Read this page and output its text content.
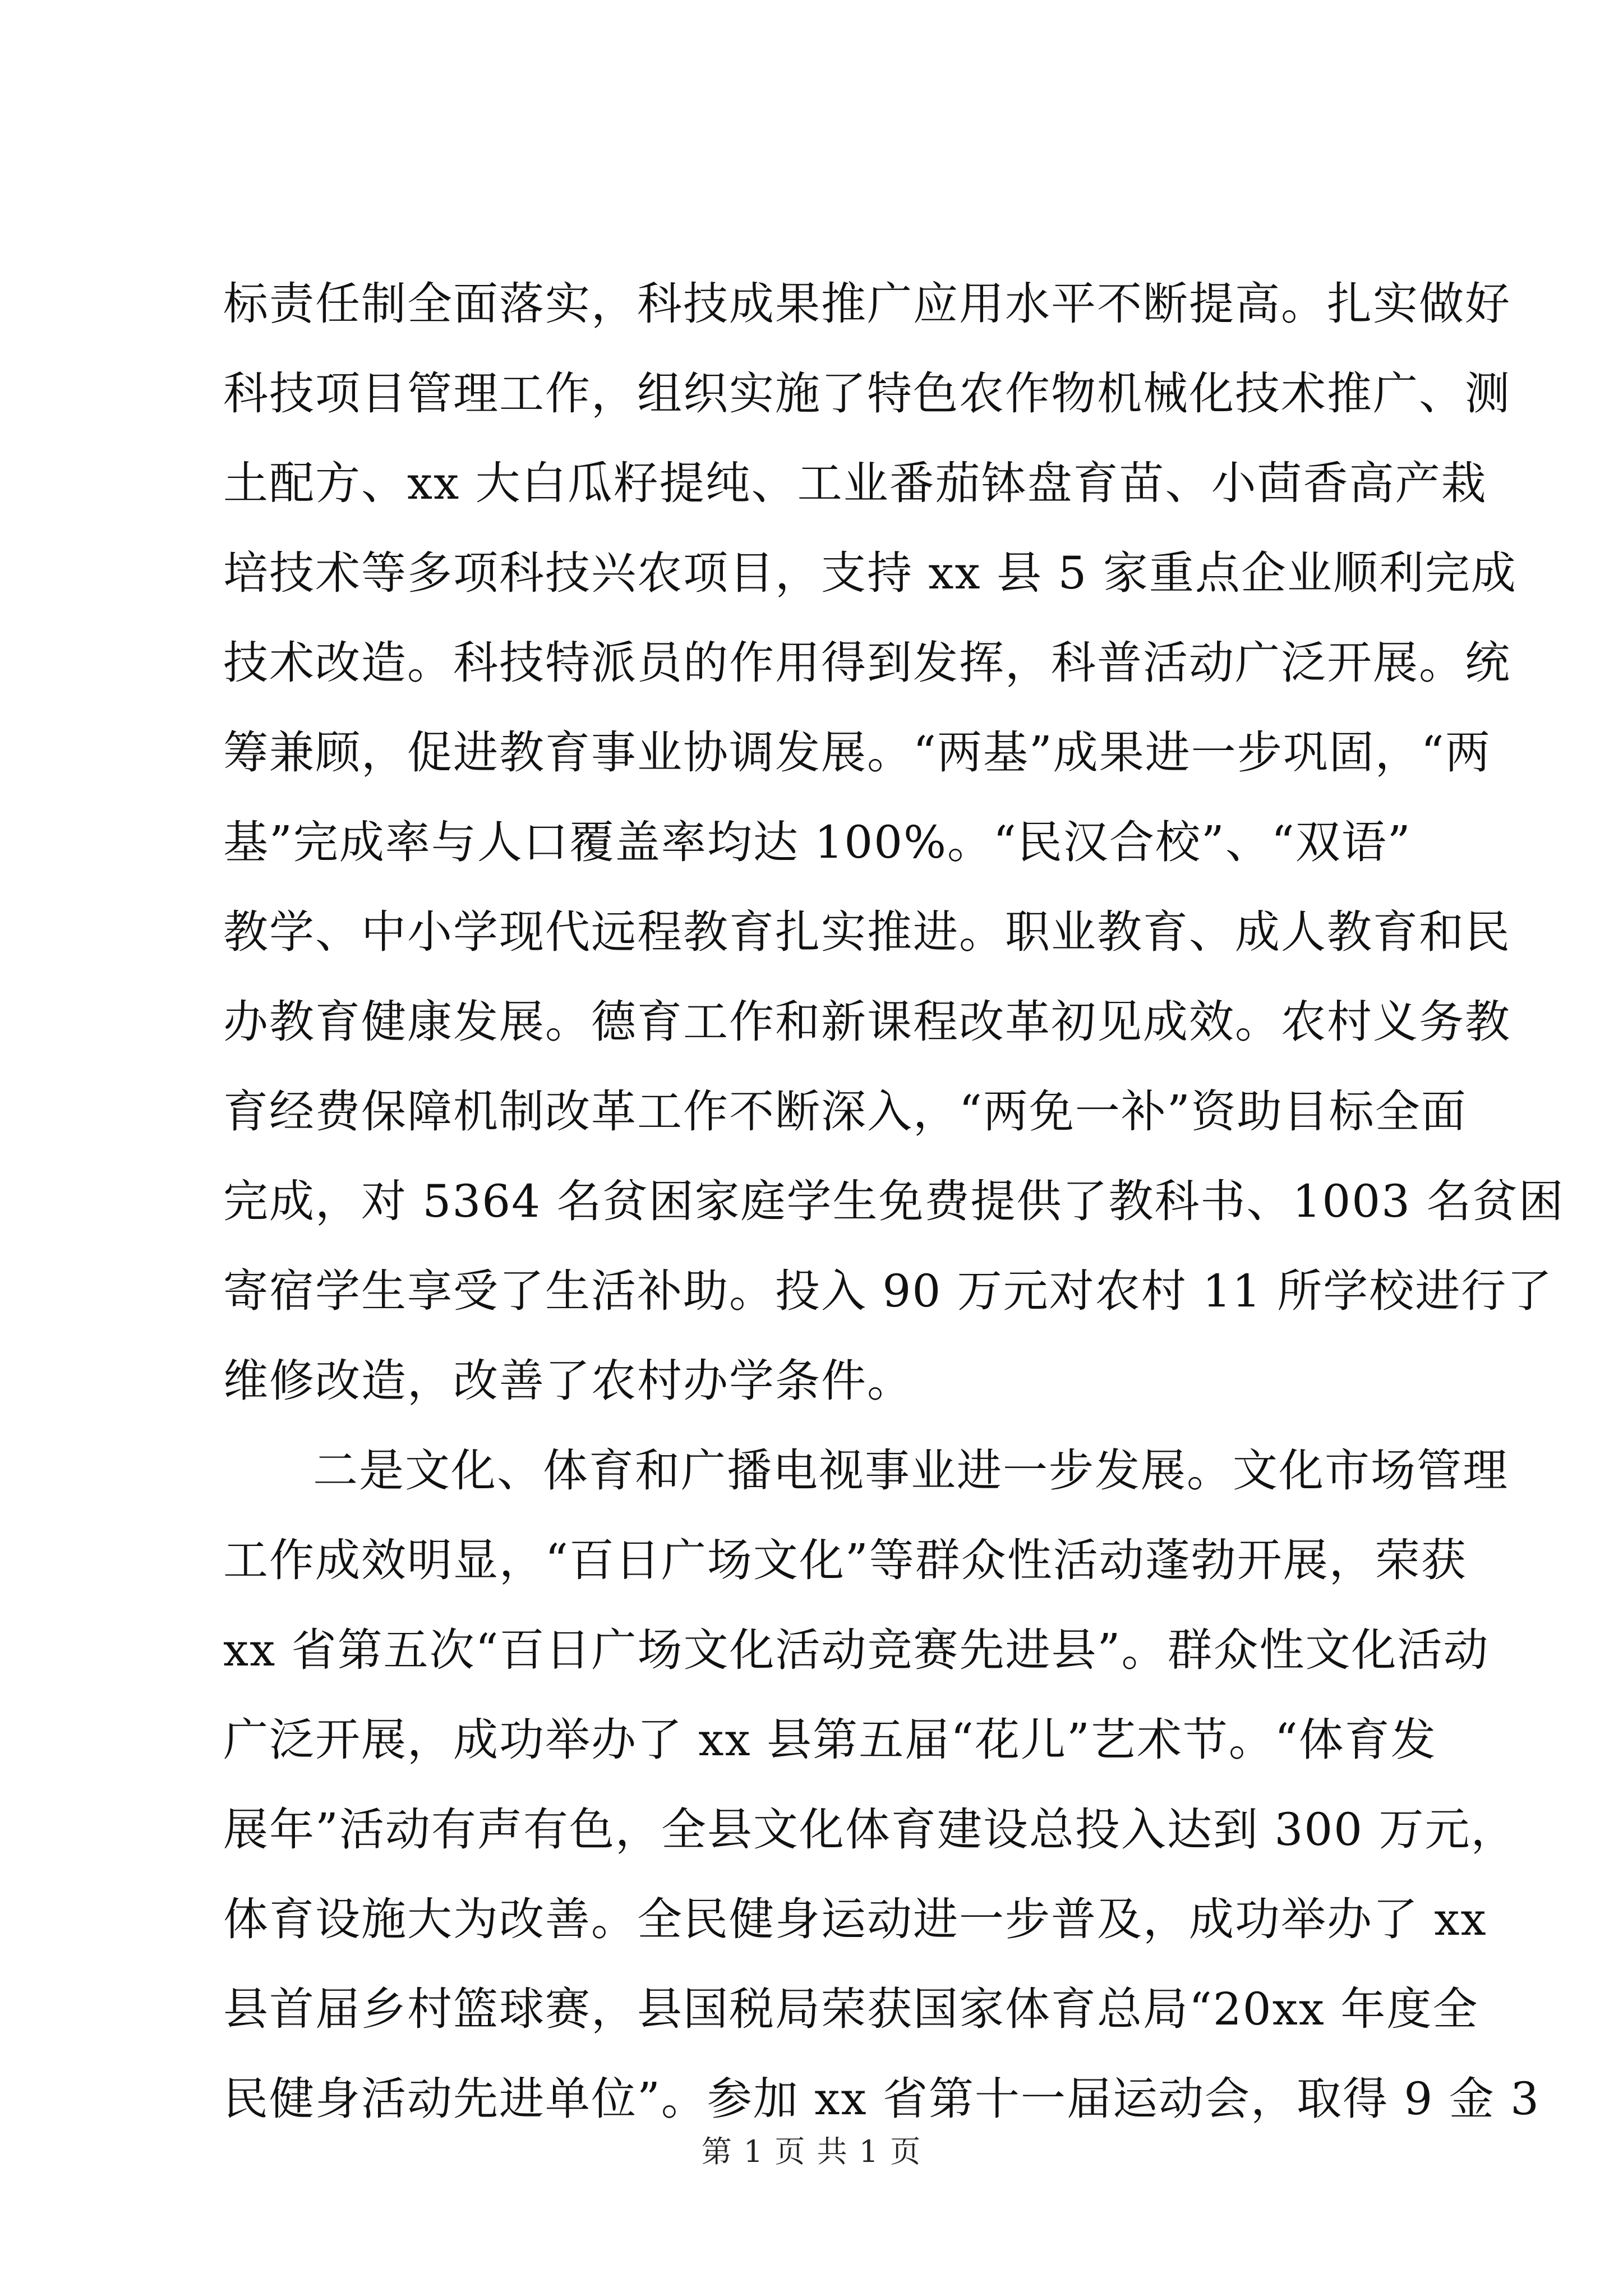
标责任制全面落实，科技成果推广应用水平不断提高。扎实做好
科技项目管理工作，组织实施了特色农作物机械化技术推广、测
土配方、xx 大白瓜籽提纯、工业番茄钵盘育苗、小茴香高产栽
培技术等多项科技兴农项目，支持 xx 县 5 家重点企业顺利完成
技术改造。科技特派员的作用得到发挥，科普活动广泛开展。统
筹兼顾，促进教育事业协调发展。“两基”成果进一步巩固，“两
基”完成率与人口覆盖率均达 100%。“民汉合校”、“双语”
教学、中小学现代远程教育扎实推进。职业教育、成人教育和民
办教育健康发展。德育工作和新课程改革初见成效。农村义务教
育经费保障机制改革工作不断深入，“两免一补”资助目标全面
完成，对 5364 名贫困家庭学生免费提供了教科书、1003 名贫困
寄宿学生享受了生活补助。投入 90 万元对农村 11 所学校进行了
维修改造，改善了农村办学条件。
二是文化、体育和广播电视事业进一步发展。文化市场管理
工作成效明显，“百日广场文化”等群众性活动蓬勃开展，荣获
xx 省第五次“百日广场文化活动竞赛先进县”。群众性文化活动
广泛开展，成功举办了 xx 县第五届“花儿”艺术节。“体育发
展年”活动有声有色，全县文化体育建设总投入达到 300 万元，
体育设施大为改善。全民健身运动进一步普及，成功举办了 xx
县首届乡村篮球赛，县国税局荣获国家体育总局“20xx 年度全
民健身活动先进单位”。参加 xx 省第十一届运动会，取得 9 金 3
第 1 页 共 1 页
